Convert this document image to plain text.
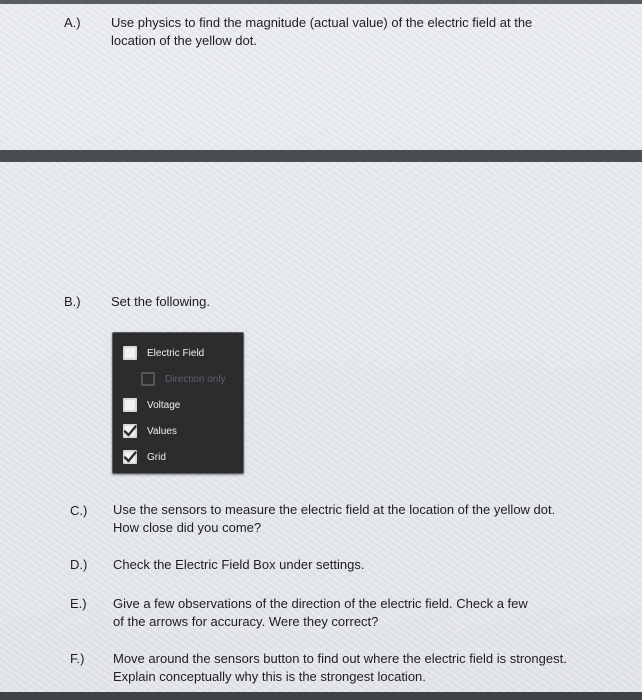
A.) Use physics to find the magnitude (actual value) of the electric field at the
location of the yellow dot.
B.) Set the following.
Electric Field
Direction only
Voltage
Values
Grid
C.) Use the sensors to measure the electric field at the location of the yellow dot.
How close did you come?
D.) Check the Electric Field Box under settings.
E.) Give a few observations of the direction of the electric field. Check a few
of the arrows for accuracy. Were they correct?
F.) Move around the sensors button to find out where the electric field is strongest.
Explain conceptually why this is the strongest location.
